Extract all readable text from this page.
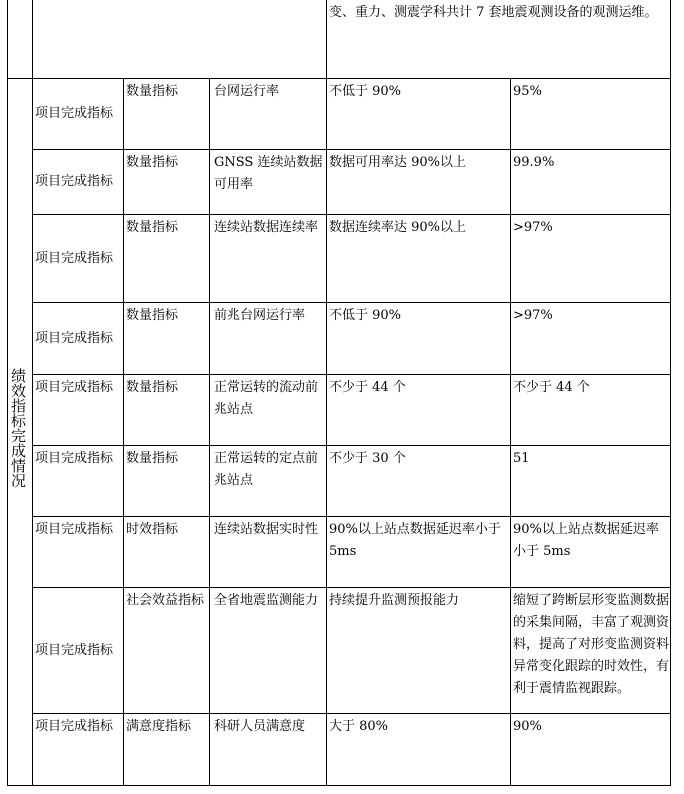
				变、重力、测震学科共计 7 套地震观测设备的观测运维。	
绩效指标完成情况	项目完成指标	数量指标	台网运行率	不低于 90%	95%
	项目完成指标	数量指标	GNSS 连续站数据可用率	数据可用率达 90%以上	99.9%
	项目完成指标	数量指标	连续站数据连续率	数据连续率达 90%以上	>97%
	项目完成指标	数量指标	前兆台网运行率	不低于 90%	>97%
	项目完成指标	数量指标	正常运转的流动前兆站点	不少于 44 个	不少于 44 个
	项目完成指标	数量指标	正常运转的定点前兆站点	不少于 30 个	51
	项目完成指标	时效指标	连续站数据实时性	90%以上站点数据延迟率小于 5ms	90%以上站点数据延迟率小于 5ms
	项目完成指标	社会效益指标	全省地震监测能力	持续提升监测预报能力	缩短了跨断层形变监测数据的采集间隔，丰富了观测资料，提高了对形变监测资料异常变化跟踪的时效性，有利于震情监视跟踪。
	项目完成指标	满意度指标	科研人员满意度	大于 80%	90%
